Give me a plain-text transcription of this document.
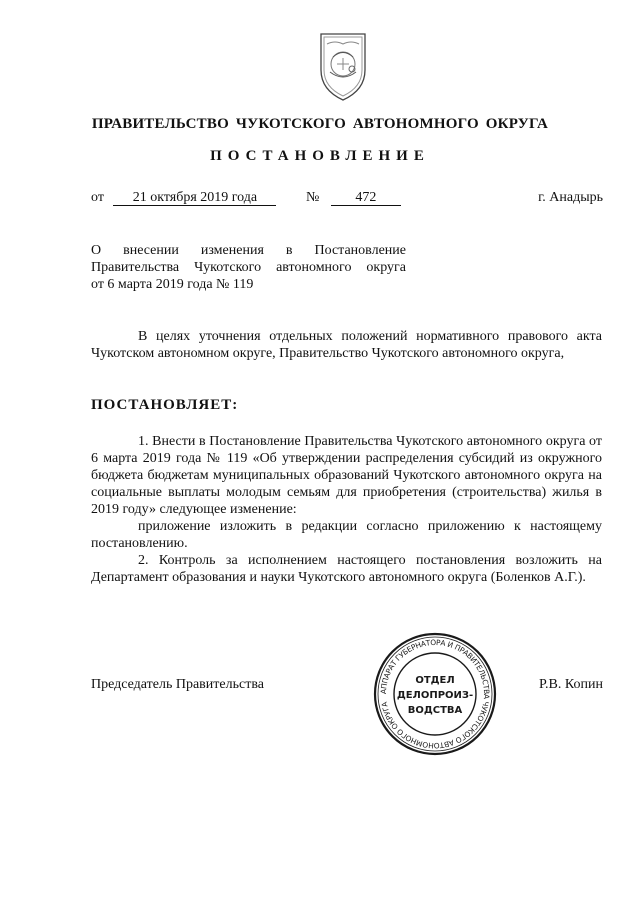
ПРАВИТЕЛЬСТВО ЧУКОТСКОГО АВТОНОМНОГО ОКРУГА
ПОСТАНОВЛЕНИЕ
от 21 октября 2019 года	№	472	г. Анадырь
О внесении изменения в Постановление
Правительства Чукотского автономного округа
от 6 марта 2019 года № 119
В целях уточнения отдельных положений нормативного правового акта Чукотском автономном округе, Правительство Чукотского автономного округа,
ПОСТАНОВЛЯЕТ:
1. Внести в Постановление Правительства Чукотского автономного округа от 6 марта 2019 года № 119 «Об утверждении распределения субсидий из окружного бюджета бюджетам муниципальных образований Чукотского автономного округа на социальные выплаты молодым семьям для приобретения (строительства) жилья в 2019 году» следующее изменение:
приложение изложить в редакции согласно приложению к настоящему постановлению.
2. Контроль за исполнением настоящего постановления возложить на Департамент образования и науки Чукотского автономного округа (Боленков А.Г.).
Председатель Правительства	Р.В. Копин
АППАРАТ ГУБЕРНАТОРА И ПРАВИТЕЛЬСТВА ЧУКОТСКОГО АВТОНОМНОГО ОКРУГА
ОТДЕЛ
ДЕЛОПРОИЗ-
ВОДСТВА
